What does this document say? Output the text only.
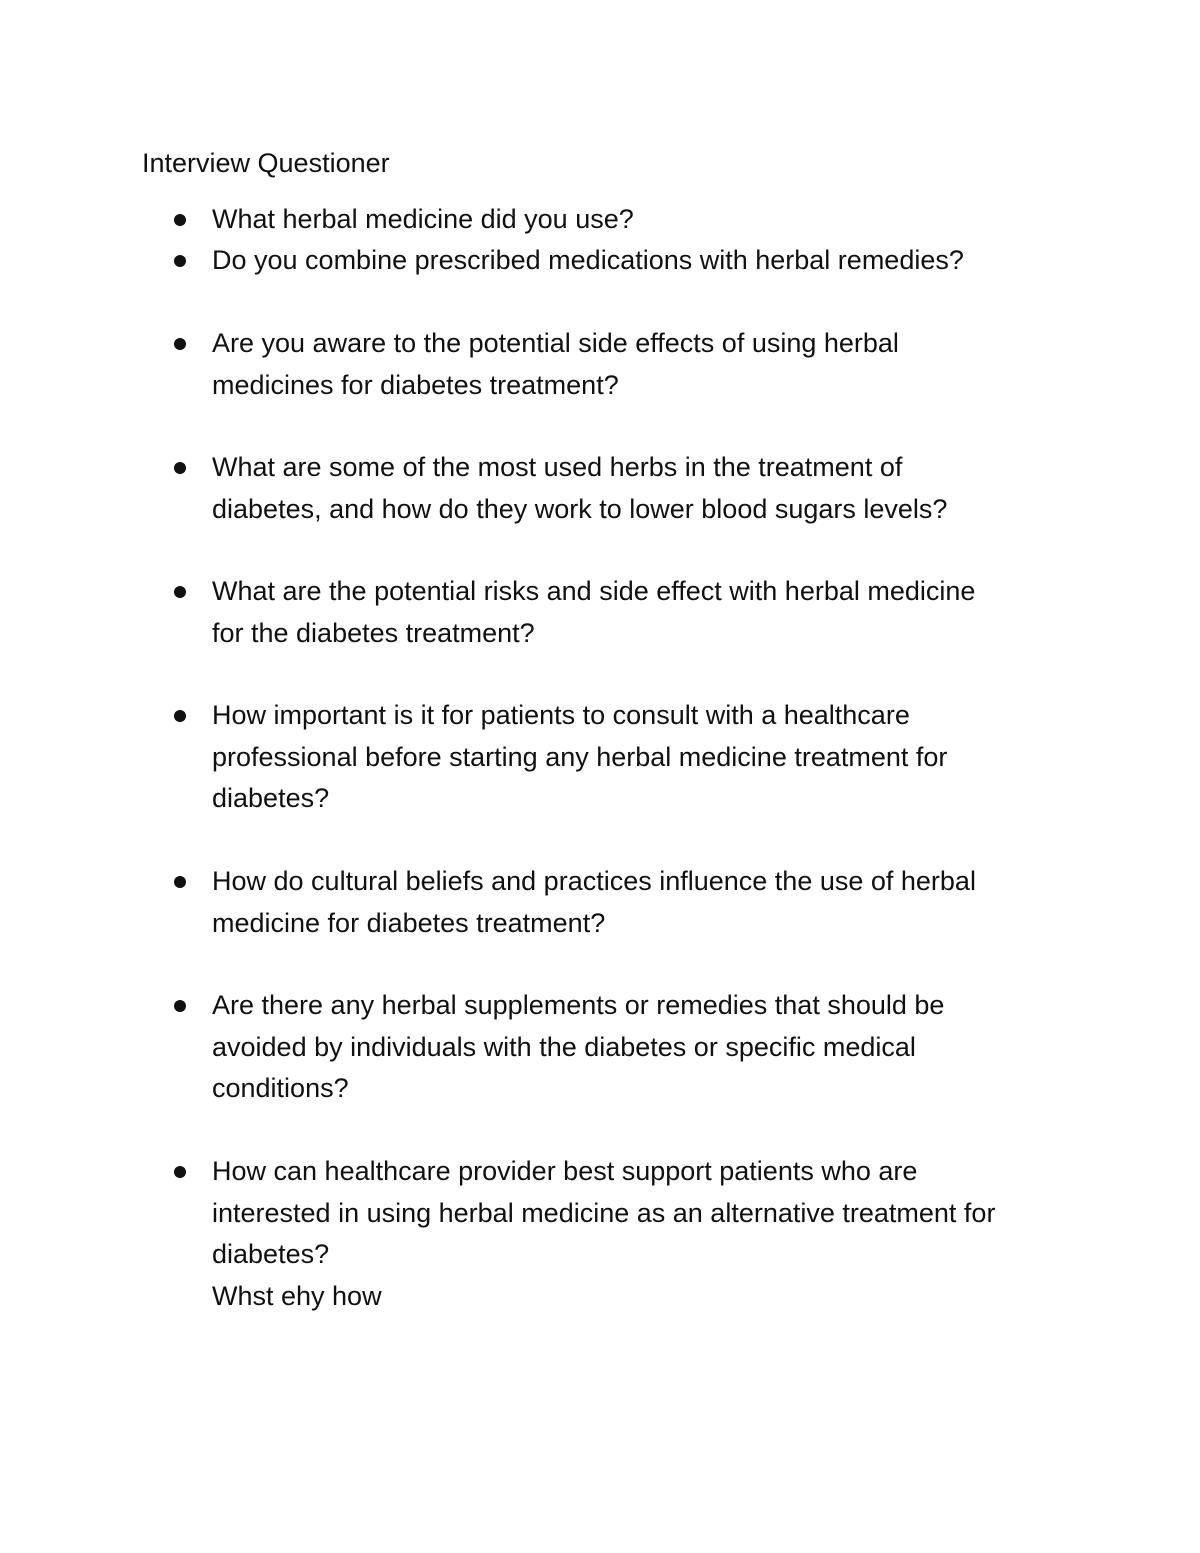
Interview Questioner

What herbal medicine did you use?

Do you combine prescribed medications with herbal remedies?

Are you aware to the potential side effects of using herbal
medicines for diabetes treatment?

What are some of the most used herbs in the treatment of
diabetes, and how do they work to lower blood sugars levels?

What are the potential risks and side effect with herbal medicine
for the diabetes treatment?

How important is it for patients to consult with a healthcare
professional before starting any herbal medicine treatment for
diabetes?

How do cultural beliefs and practices influence the use of herbal
medicine for diabetes treatment?

Are there any herbal supplements or remedies that should be
avoided by individuals with the diabetes or specific medical
conditions?

How can healthcare provider best support patients who are
interested in using herbal medicine as an alternative treatment for
diabetes?
Whst ehy how
